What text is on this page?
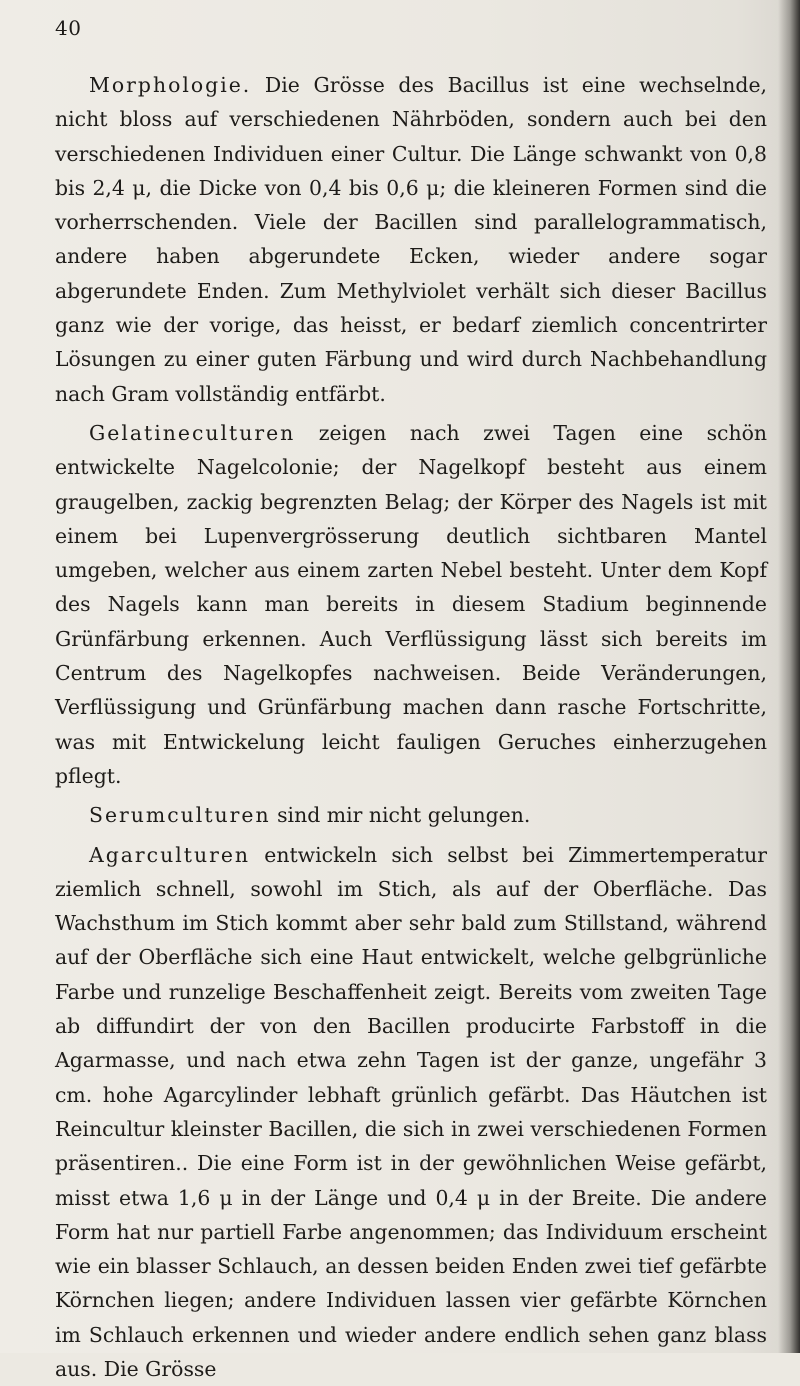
40

Morphologie. Die Grösse des Bacillus ist eine wechselnde, nicht bloss auf verschiedenen Nährböden, sondern auch bei den verschiedenen Individuen einer Cultur. Die Länge schwankt von 0,8 bis 2,4 μ, die Dicke von 0,4 bis 0,6 μ; die kleineren Formen sind die vorherrschenden. Viele der Bacillen sind parallelogrammatisch, andere haben abgerundete Ecken, wieder andere sogar abgerundete Enden. Zum Methylviolet verhält sich dieser Bacillus ganz wie der vorige, das heisst, er bedarf ziemlich concentrirter Lösungen zu einer guten Färbung und wird durch Nachbehandlung nach Gram vollständig entfärbt.

Gelatineculturen zeigen nach zwei Tagen eine schön entwickelte Nagelcolonie; der Nagelkopf besteht aus einem graugelben, zackig begrenzten Belag; der Körper des Nagels ist mit einem bei Lupenvergrösserung deutlich sichtbaren Mantel umgeben, welcher aus einem zarten Nebel besteht. Unter dem Kopf des Nagels kann man bereits in diesem Stadium beginnende Grünfärbung erkennen. Auch Verflüssigung lässt sich bereits im Centrum des Nagelkopfes nachweisen. Beide Veränderungen, Verflüssigung und Grünfärbung machen dann rasche Fortschritte, was mit Entwickelung leicht fauligen Geruches einherzugehen pflegt.

Serumculturen sind mir nicht gelungen.

Agarculturen entwickeln sich selbst bei Zimmertemperatur ziemlich schnell, sowohl im Stich, als auf der Oberfläche. Das Wachsthum im Stich kommt aber sehr bald zum Stillstand, während auf der Oberfläche sich eine Haut entwickelt, welche gelbgrünliche Farbe und runzelige Beschaffenheit zeigt. Bereits vom zweiten Tage ab diffundirt der von den Bacillen producirte Farbstoff in die Agarmasse, und nach etwa zehn Tagen ist der ganze, ungefähr 3 cm. hohe Agarcylinder lebhaft grünlich gefärbt. Das Häutchen ist Reincultur kleinster Bacillen, die sich in zwei verschiedenen Formen präsentiren.. Die eine Form ist in der gewöhnlichen Weise gefärbt, misst etwa 1,6 μ in der Länge und 0,4 μ in der Breite. Die andere Form hat nur partiell Farbe angenommen; das Individuum erscheint wie ein blasser Schlauch, an dessen beiden Enden zwei tief gefärbte Körnchen liegen; andere Individuen lassen vier gefärbte Körnchen im Schlauch erkennen und wieder andere endlich sehen ganz blass aus. Die Grösse
